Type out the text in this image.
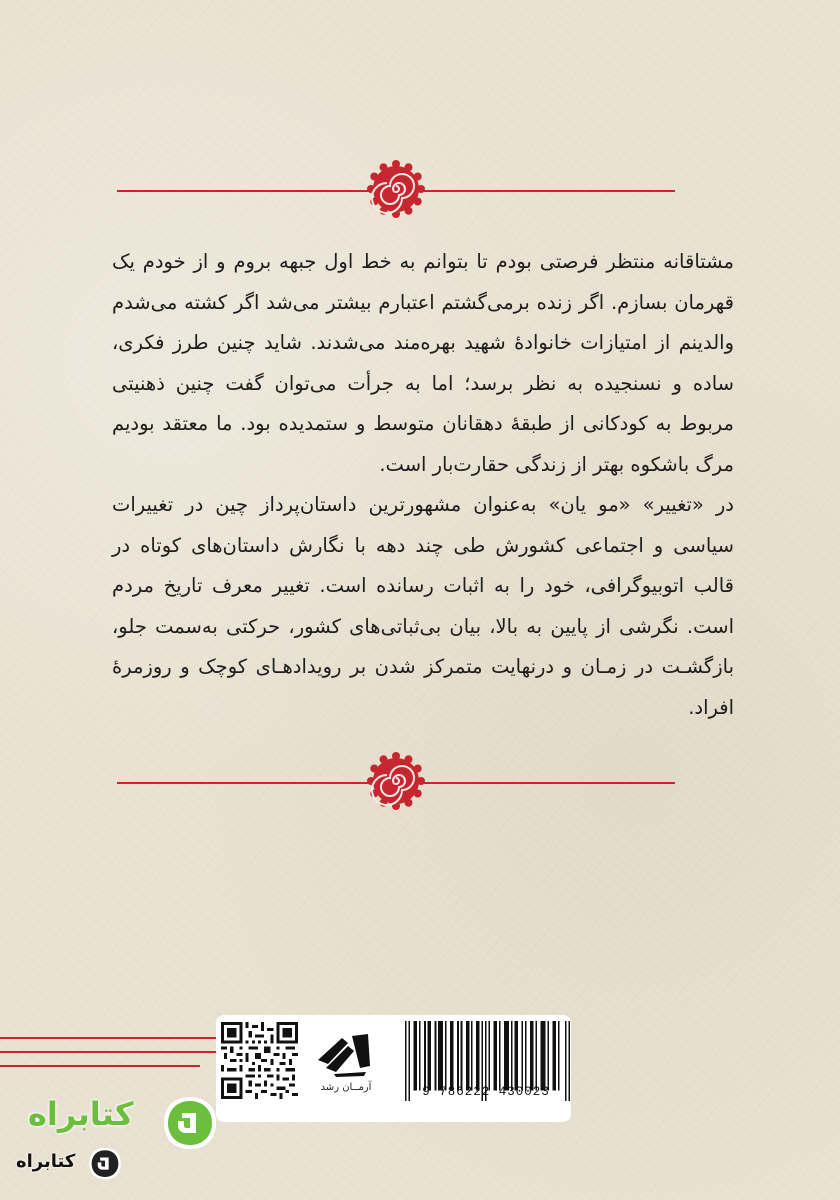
مشتاقانه منتظر فرصتی بودم تا بتوانم به خط اول جبهه بروم و از خودم یک قهرمان بسازم. اگر زنده برمی‌گشتم اعتبارم بیشتر می‌شد اگر کشته می‌شدم والدینم از امتیازات خانوادهٔ شهید بهره‌مند می‌شدند. شاید چنین طرز فکری، ساده و نسنجیده به نظر برسد؛ اما به جرأت می‌توان گفت چنین ذهنیتی مربوط به کودکانی از طبقهٔ دهقانان متوسط و ستمدیده بود. ما معتقد بودیم مرگ باشکوه بهتر از زندگی حقارت‌بار است.

در «تغییر» «مو یان» به‌عنوان مشهورترین داستان‌پرداز چین در تغییرات سیاسی و اجتماعی کشورش طی چند دهه با نگارش داستان‌های کوتاه در قالب اتوبیوگرافی، خود را به اثبات رسانده است. تغییر معرف تاریخ مردم است. نگرشی از پایین به بالا، بیان بی‌ثباتی‌های کشور، حرکتی به‌سمت جلو، بازگشـت در زمـان و درنهایت متمرکز شدن بر رویدادهـای کوچک و روزمرهٔ افراد.

آرمــان رشد	9 786222 430023
کتابراه
کتابراه
